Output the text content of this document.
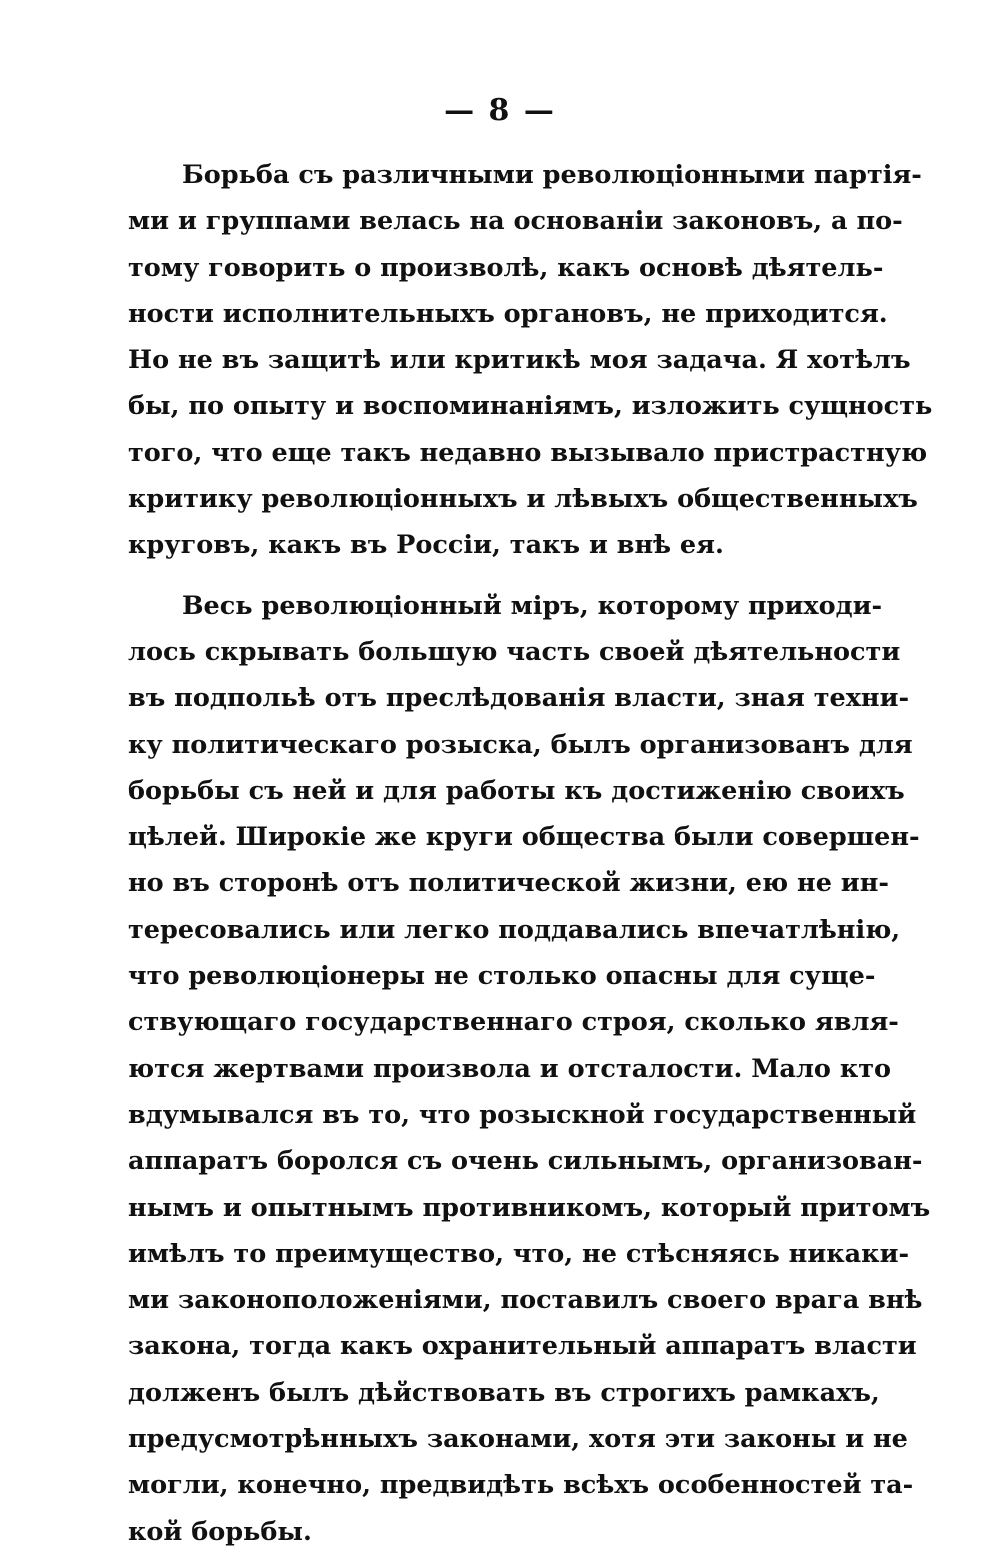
— 8 —

Борьба съ различными революцiонными партiя-
ми и группами велась на основанiи законовъ, а по-
тому говорить о произволѣ, какъ основѣ дѣятель-
ности исполнительныхъ органовъ, не приходится.
Но не въ защитѣ или критикѣ моя задача. Я хотѣлъ
бы, по опыту и воспоминанiямъ, изложить сущность
того, что еще такъ недавно вызывало пристрастную
критику революцiонныхъ и лѣвыхъ общественныхъ
круговъ, какъ въ Россiи, такъ и внѣ ея.

Весь революцiонный мiръ, которому приходи-
лось скрывать большую часть своей дѣятельности
въ подпольѣ отъ преслѣдованiя власти, зная техни-
ку политическаго розыска, былъ организованъ для
борьбы съ ней и для работы къ достиженiю своихъ
цѣлей. Широкiе же круги общества были совершен-
но въ сторонѣ отъ политической жизни, ею не ин-
тересовались или легко поддавались впечатлѣнiю,
что революцiонеры не столько опасны для суще-
ствующаго государственнаго строя, сколько явля-
ются жертвами произвола и отсталости. Мало кто
вдумывался въ то, что розыскной государственный
аппаратъ боролся съ очень сильнымъ, организован-
нымъ и опытнымъ противникомъ, который притомъ
имѣлъ то преимущество, что, не стѣсняясь никаки-
ми законоположенiями, поставилъ своего врага внѣ
закона, тогда какъ охранительный аппаратъ власти
долженъ былъ дѣйствовать въ строгихъ рамкахъ,
предусмотрѣнныхъ законами, хотя эти законы и не
могли, конечно, предвидѣть всѣхъ особенностей та-
кой борьбы.
